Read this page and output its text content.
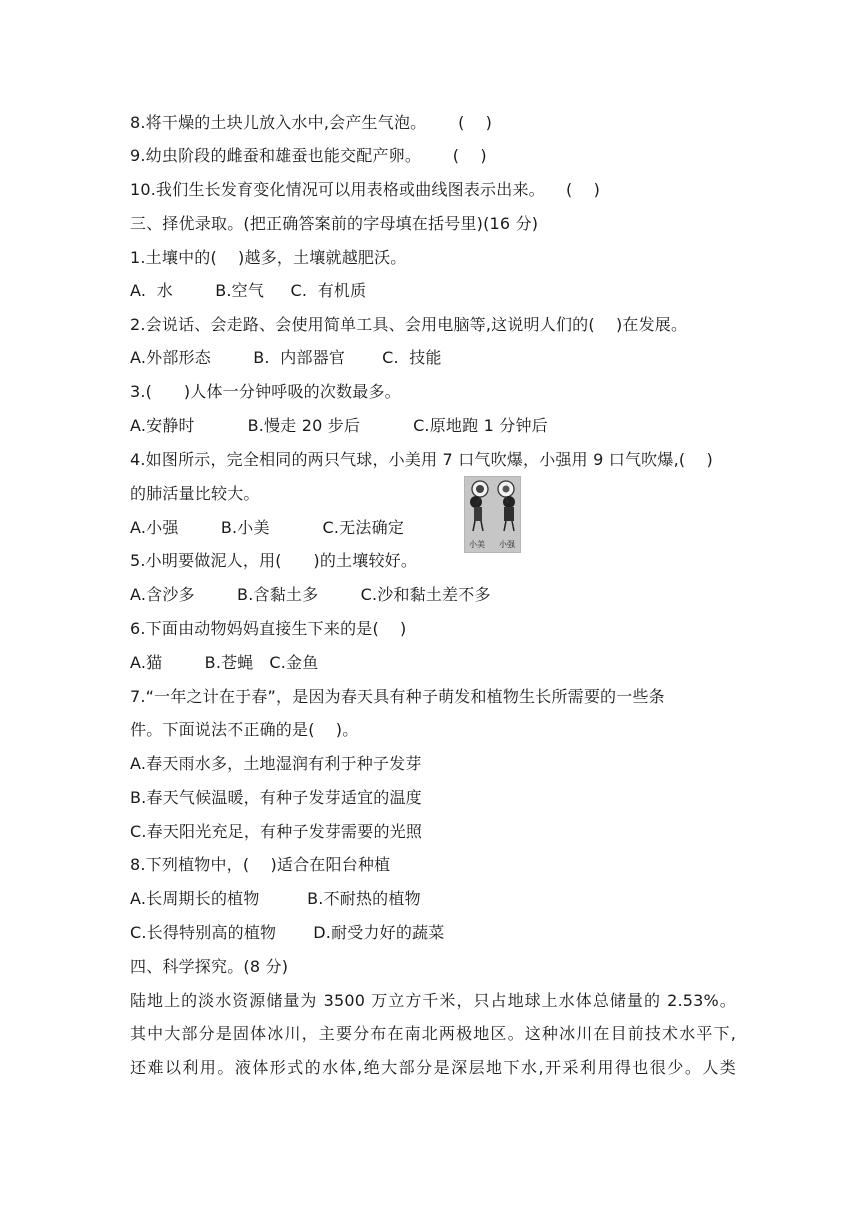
8.将干燥的土块儿放入水中,会产生气泡。      (    )
9.幼虫阶段的雌蚕和雄蚕也能交配产卵。      (    )
10.我们生长发育变化情况可以用表格或曲线图表示出来。    (    )
三、择优录取。(把正确答案前的字母填在括号里)(16 分)
1.土壤中的(    )越多，土壤就越肥沃。
A.  水        B.空气     C.  有机质
2.会说话、会走路、会使用简单工具、会用电脑等,这说明人们的(    )在发展。
A.外部形态        B.  内部器官       C.  技能
3.(      )人体一分钟呼吸的次数最多。
A.安静时          B.慢走 20 步后          C.原地跑 1 分钟后
4.如图所示，完全相同的两只气球，小美用 7 口气吹爆，小强用 9 口气吹爆,(    )
的肺活量比较大。
A.小强        B.小美          C.无法确定
5.小明要做泥人，用(      )的土壤较好。
A.含沙多        B.含黏土多        C.沙和黏土差不多
6.下面由动物妈妈直接生下来的是(    )
A.猫        B.苍蝇   C.金鱼
7.“一年之计在于春”，是因为春天具有种子萌发和植物生长所需要的一些条
件。下面说法不正确的是(    )。
A.春天雨水多，土地湿润有利于种子发芽
B.春天气候温暖，有种子发芽适宜的温度
C.春天阳光充足，有种子发芽需要的光照
8.下列植物中，(    )适合在阳台种植
A.长周期长的植物         B.不耐热的植物
C.长得特别高的植物       D.耐受力好的蔬菜
四、科学探究。(8 分)
陆地上的淡水资源储量为 3500 万立方千米，只占地球上水体总储量的 2.53%。
其中大部分是固体冰川，主要分布在南北两极地区。这种冰川在目前技术水平下,
还难以利用。液体形式的水体,绝大部分是深层地下水,开采利用得也很少。人类
小美 小强
